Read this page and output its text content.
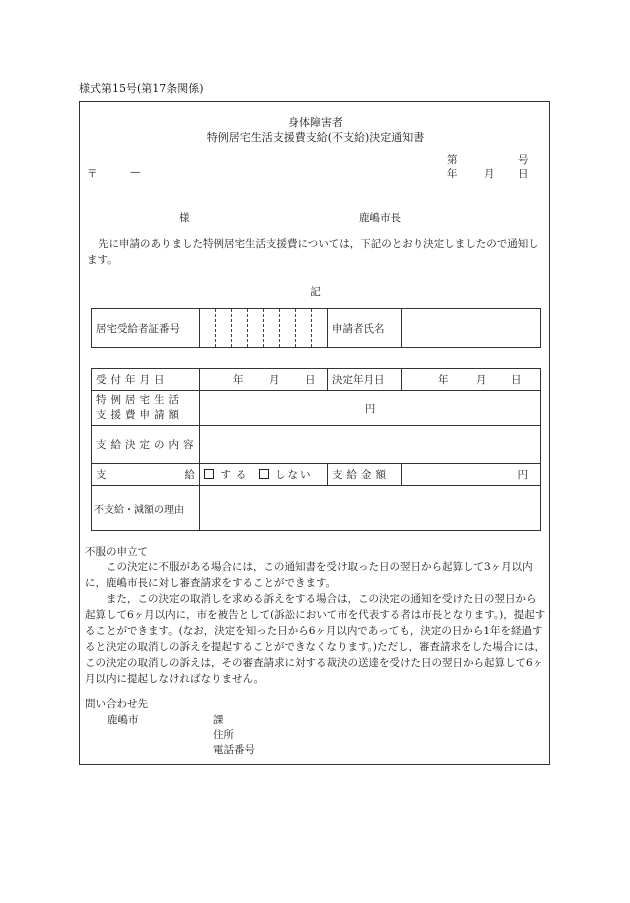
様式第15号(第17条関係)
身体障害者
特例居宅生活支援費支給(不支給)決定通知書
第	号
〒	—	年	月 日
様	鹿嶋市長
先に申請のありました特例居宅生活支援費については，下記のとおり決定しましたので通知します。
記
居宅受給者証番号									申請者氏名	
受付年月日	年 月 日	決定年月日	年 月 日

特例居宅生活
支援費申請額	円		
支給決定の内容			
支 給	する しない	支給金額	円
不支給・減額の理由			
不服の申立て
この決定に不服がある場合には，この通知書を受け取った日の翌日から起算して3ヶ月以内に，鹿嶋市長に対し審査請求をすることができます。
また，この決定の取消しを求める訴えをする場合は，この決定の通知を受けた日の翌日から起算して6ヶ月以内に，市を被告として(訴訟において市を代表する者は市長となります。)，提起することができます。(なお，決定を知った日から6ヶ月以内であっても，決定の日から1年を経過すると決定の取消しの訴えを提起することができなくなります。)ただし，審査請求をした場合には，この決定の取消しの訴えは，その審査請求に対する裁決の送達を受けた日の翌日から起算して6ヶ月以内に提起しなければなりません。
問い合わせ先
鹿嶋市	課
住所
電話番号
